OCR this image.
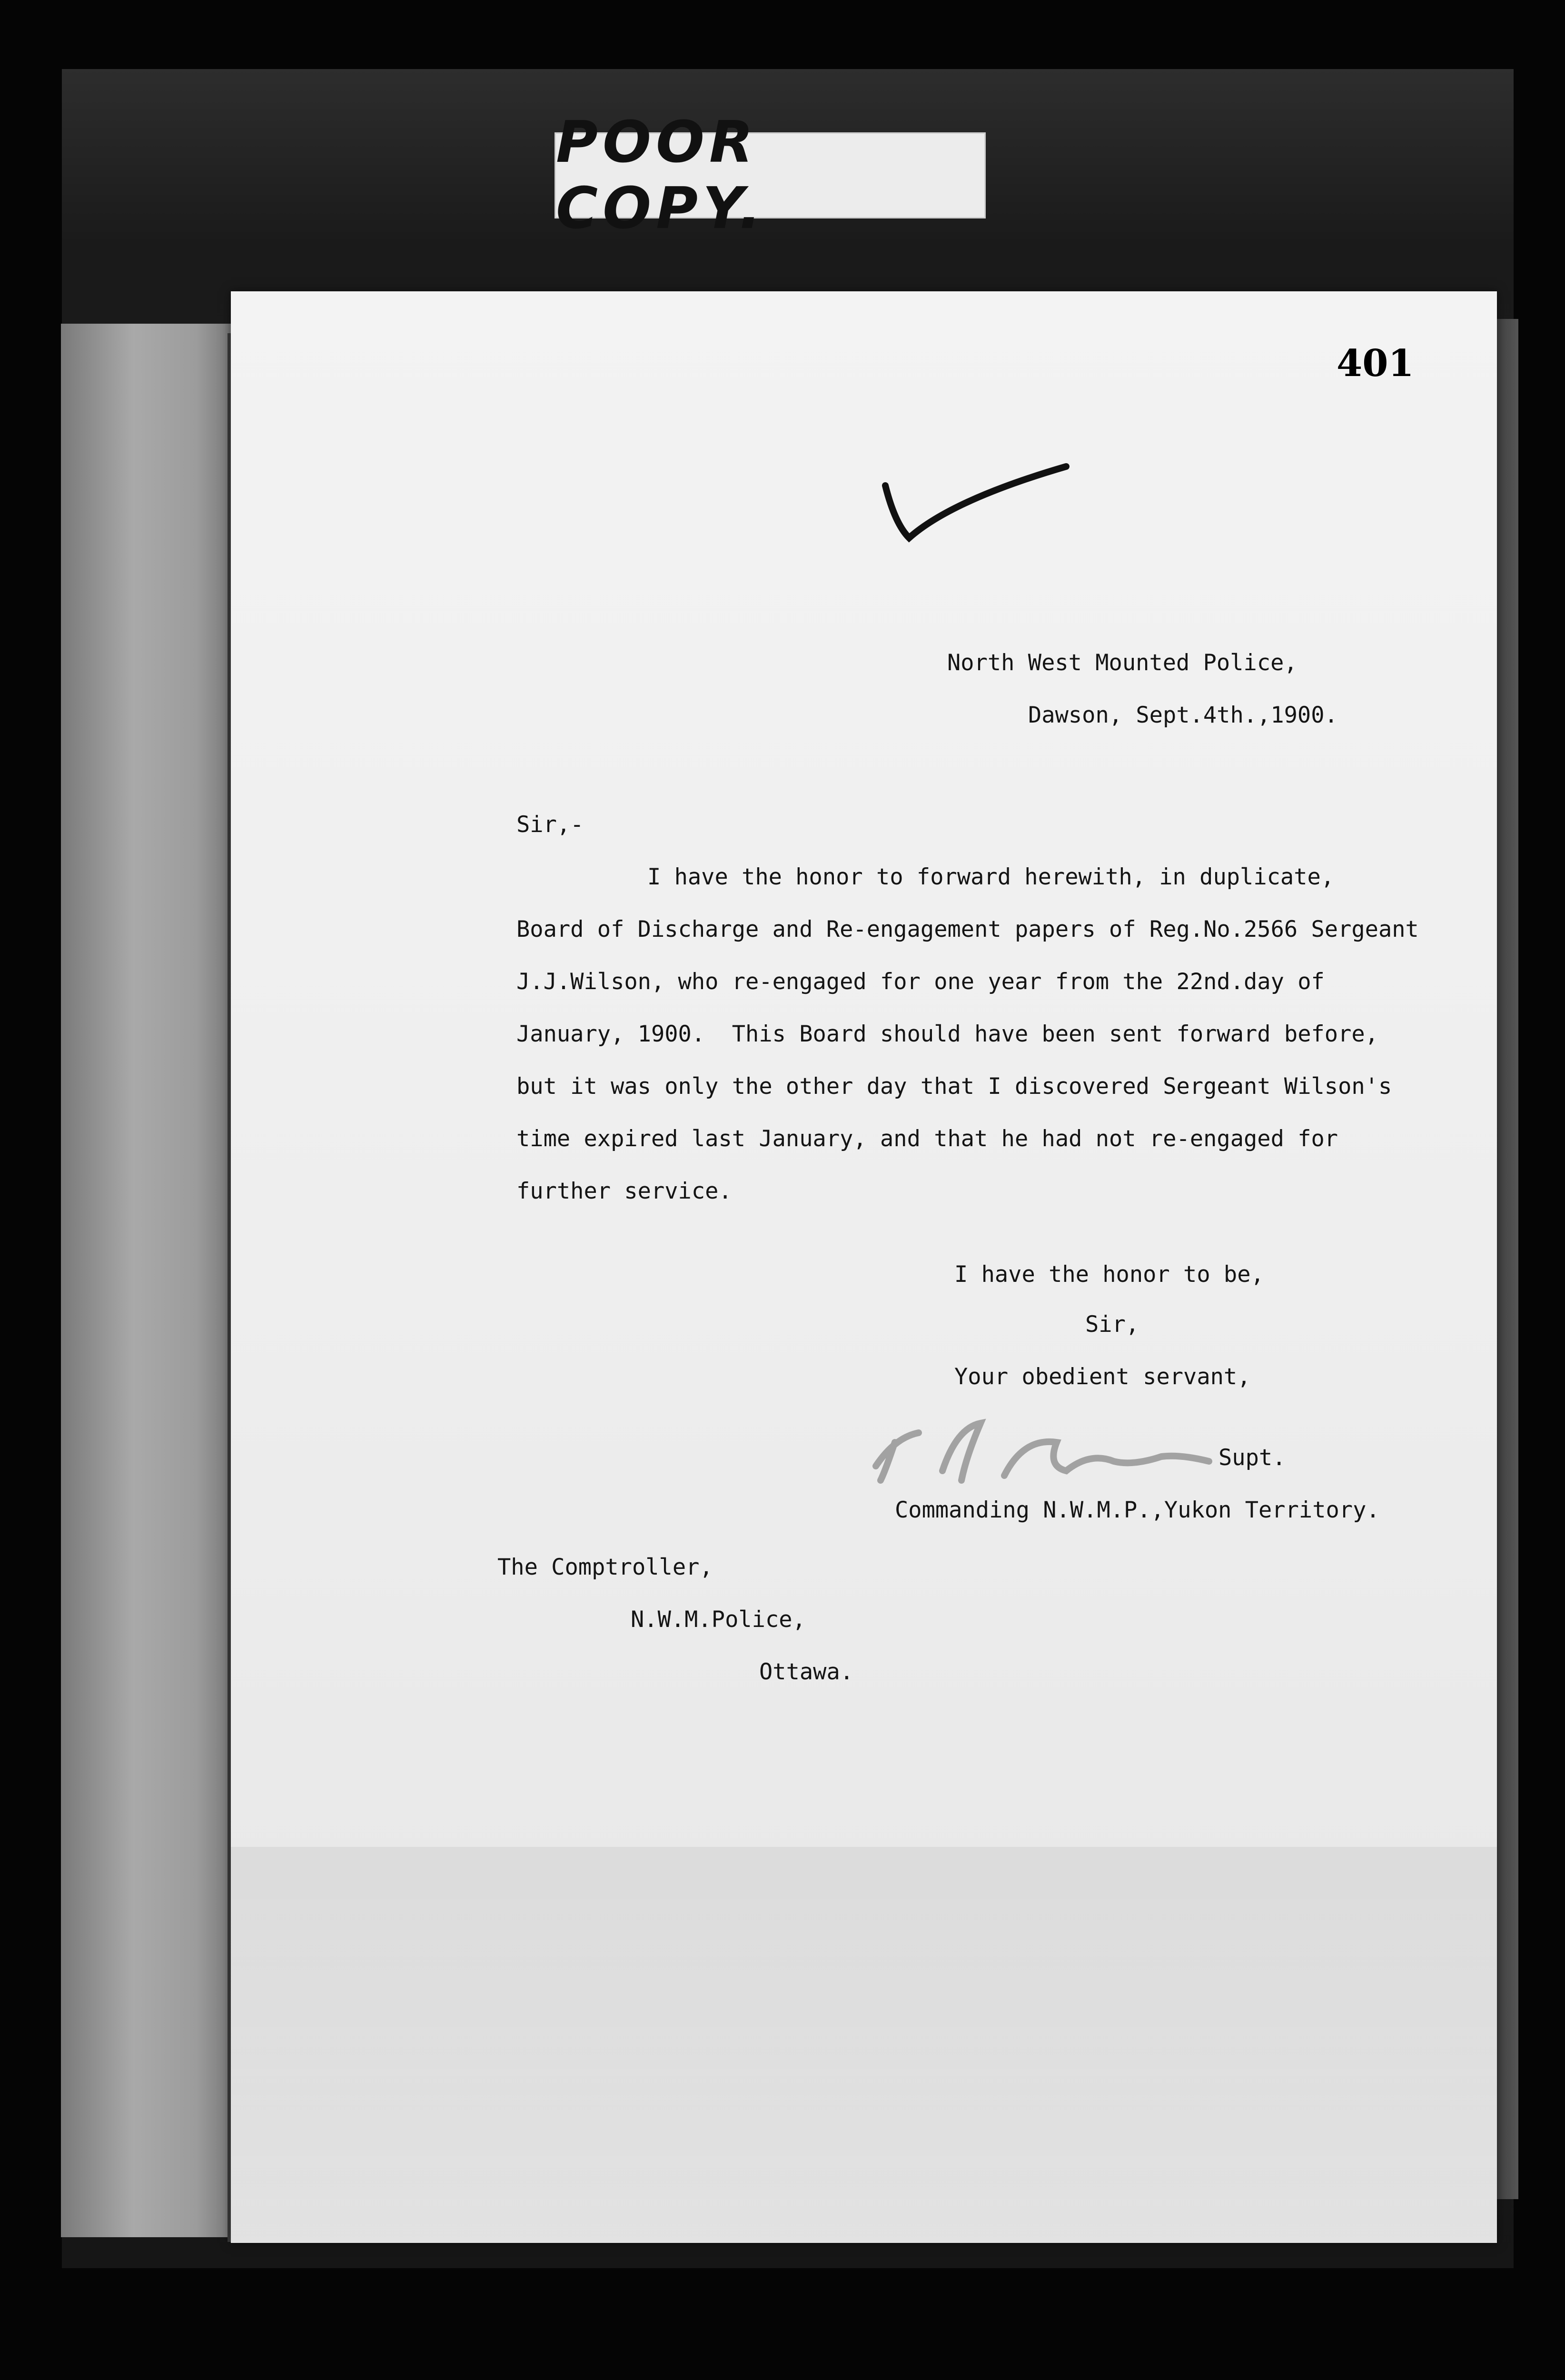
POOR COPY.
401
North West Mounted Police,
Dawson, Sept.4th.,1900.
Sir,-
I have the honor to forward herewith, in duplicate,
Board of Discharge and Re-engagement papers of Reg.No.2566 Sergeant
J.J.Wilson, who re-engaged for one year from the 22nd.day of
January, 1900.  This Board should have been sent forward before,
but it was only the other day that I discovered Sergeant Wilson's
time expired last January, and that he had not re-engaged for
further service.
I have the honor to be,
Sir,
Your obedient servant,
Supt.
Commanding N.W.M.P.,Yukon Territory.
The Comptroller,
N.W.M.Police,
Ottawa.
